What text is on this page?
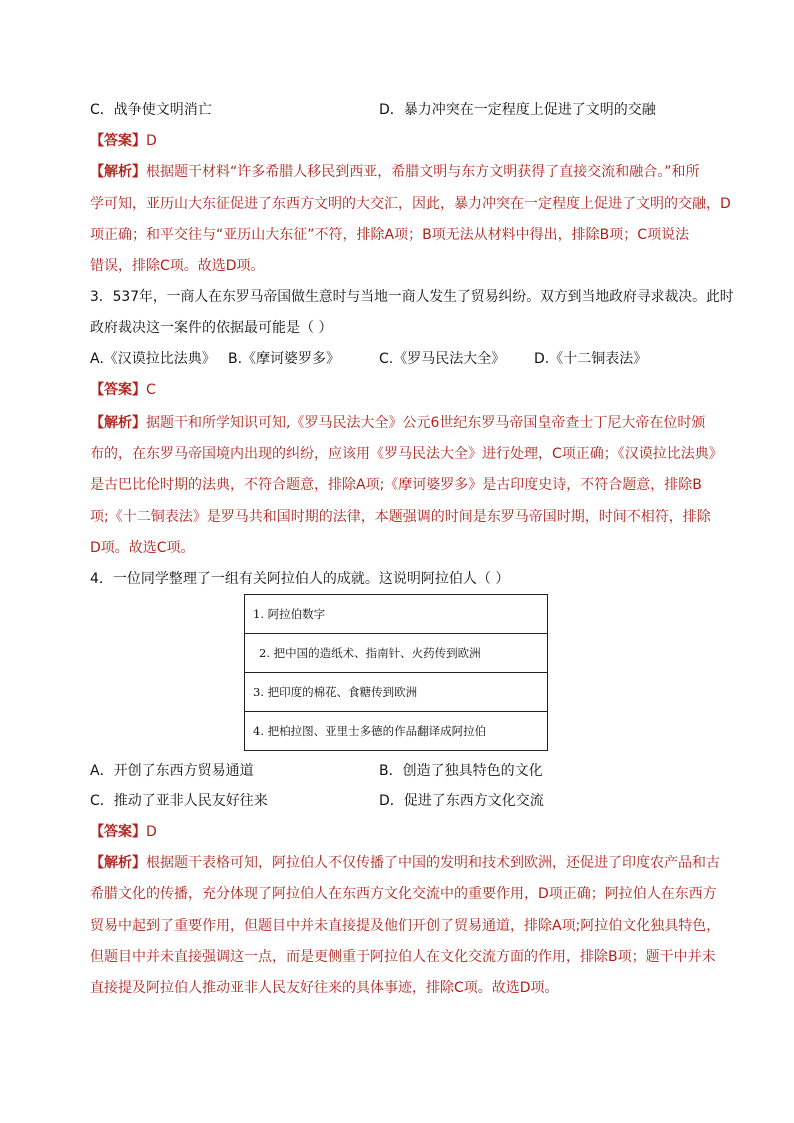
C．战争使文明消亡	D．暴力冲突在一定程度上促进了文明的交融
【答案】D
【解析】根据题干材料“许多希腊人移民到西亚，希腊文明与东方文明获得了直接交流和融合。”和所
学可知，亚历山大东征促进了东西方文明的大交汇，因此，暴力冲突在一定程度上促进了文明的交融，D
项正确；和平交往与“亚历山大东征”不符，排除A项；B项无法从材料中得出，排除B项；C项说法
错误，排除C项。故选D项。
3．537年，一商人在东罗马帝国做生意时与当地一商人发生了贸易纠纷。双方到当地政府寻求裁决。此时
政府裁决这一案件的依据最可能是（ ）
A.《汉谟拉比法典》 B.《摩诃婆罗多》	C.《罗马民法大全》 D.《十二铜表法》
【答案】C
【解析】据题干和所学知识可知,《罗马民法大全》公元6世纪东罗马帝国皇帝查士丁尼大帝在位时颁
布的，在东罗马帝国境内出现的纠纷，应该用《罗马民法大全》进行处理，C项正确；《汉谟拉比法典》
是古巴比伦时期的法典，不符合题意，排除A项;《摩诃婆罗多》是古印度史诗，不符合题意，排除B
项;《十二铜表法》是罗马共和国时期的法律，本题强调的时间是东罗马帝国时期，时间不相符，排除
D项。故选C项。
4．一位同学整理了一组有关阿拉伯人的成就。这说明阿拉伯人（ ）
1. 阿拉伯数字
2. 把中国的造纸术、指南针、火药传到欧洲
3. 把印度的棉花、食糖传到欧洲
4. 把柏拉图、亚里士多德的作品翻译成阿拉伯
A．开创了东西方贸易通道	B．创造了独具特色的文化
C．推动了亚非人民友好往来	D．促进了东西方文化交流
【答案】D
【解析】根据题干表格可知，阿拉伯人不仅传播了中国的发明和技术到欧洲，还促进了印度农产品和古
希腊文化的传播，充分体现了阿拉伯人在东西方文化交流中的重要作用，D项正确；阿拉伯人在东西方
贸易中起到了重要作用，但题目中并未直接提及他们开创了贸易通道，排除A项;阿拉伯文化独具特色，
但题目中并未直接强调这一点，而是更侧重于阿拉伯人在文化交流方面的作用，排除B项；题干中并未
直接提及阿拉伯人推动亚非人民友好往来的具体事迹，排除C项。故选D项。
